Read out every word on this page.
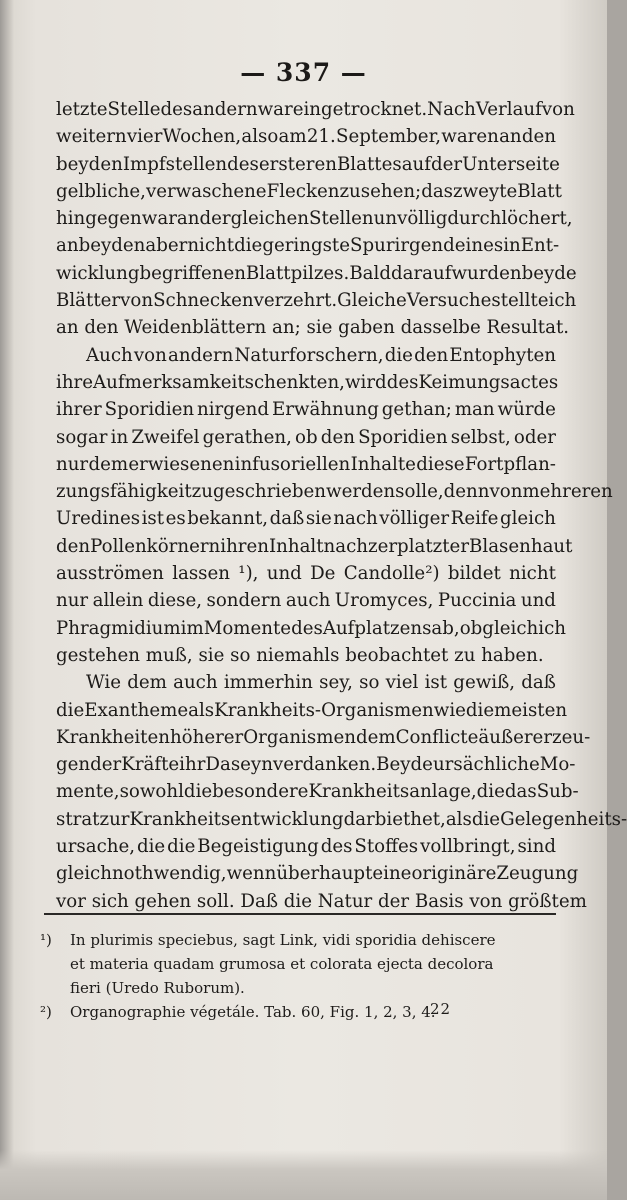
— 337 —
letzte Stelle des andern war eingetrocknet. Nach Verlauf von
weitern vier Wochen, also am 21. September, waren an den
beyden Impfstellen des ersteren Blattes auf der Unterseite
gelbliche, verwaschene Flecken zu sehen; das zweyte Blatt
hingegen war an der gleichen Stelle nun völlig durchlöchert,
an beyden aber nicht die geringste Spur irgend eines in Ent-
wicklung begriffenen Blattpilzes. Bald darauf wurden beyde
Blätter von Schnecken verzehrt. Gleiche Versuche stellte ich
an den Weidenblättern an; sie gaben dasselbe Resultat.
Auch von andern Naturforschern, die den Entophyten
ihre Aufmerksamkeit schenkten, wird des Keimungsactes
ihrer Sporidien nirgend Erwähnung gethan; man würde
sogar in Zweifel gerathen, ob den Sporidien selbst, oder
nur dem erwiesenen infusoriellen Inhalte diese Fortpflan-
zungsfähigkeit zugeschrieben werden solle, denn von mehreren
Uredines ist es bekannt, daß sie nach völliger Reife gleich
den Pollenkörnern ihren Inhalt nach zerplatzter Blasenhaut
ausströmen lassen ¹), und De Candolle²) bildet nicht
nur allein diese, sondern auch Uromyces, Puccinia und
Phragmidium im Momente des Aufplatzens ab, obgleich ich
gestehen muß, sie so niemahls beobachtet zu haben.
Wie dem auch immerhin sey, so viel ist gewiß, daß
die Exantheme als Krankheits-Organismen wie die meisten
Krankheiten höherer Organismen dem Conflicte äußerer zeu-
gender Kräfte ihr Daseyn verdanken. Beyde ursächliche Mo-
mente, sowohl die besondere Krankheitsanlage, die das Sub-
strat zur Krankheitsentwicklung darbiethet, als die Gelegenheits-
ursache, die die Begeistigung des Stoffes vollbringt, sind
gleich nothwendig, wenn überhaupt eine originäre Zeugung
vor sich gehen soll. Daß die Natur der Basis von größtem
¹)	In plurimis speciebus, sagt Link, vidi sporidia dehiscere
et materia quadam grumosa et colorata ejecta decolora
fieri (Uredo Ruborum).
²)	Organographie végetále. Tab. 60, Fig. 1, 2, 3, 4.
22
